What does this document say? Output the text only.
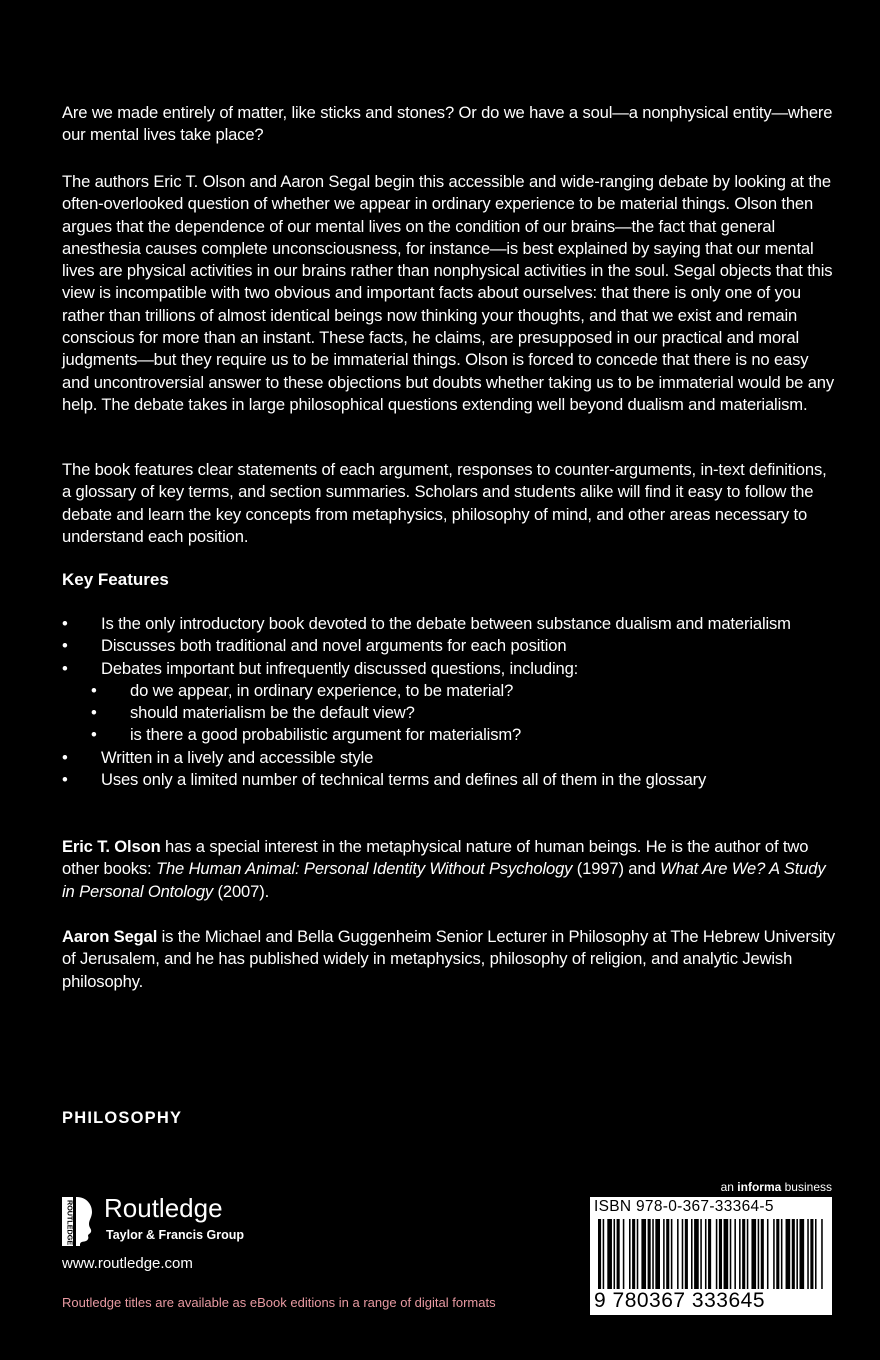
Are we made entirely of matter, like sticks and stones? Or do we have a soul—a nonphysical entity—where our mental lives take place?

The authors Eric T. Olson and Aaron Segal begin this accessible and wide-ranging debate by looking at the often-overlooked question of whether we appear in ordinary experience to be material things. Olson then argues that the dependence of our mental lives on the condition of our brains—the fact that general anesthesia causes complete unconsciousness, for instance—is best explained by saying that our mental lives are physical activities in our brains rather than nonphysical activities in the soul. Segal objects that this view is incompatible with two obvious and important facts about ourselves: that there is only one of you rather than trillions of almost identical beings now thinking your thoughts, and that we exist and remain conscious for more than an instant. These facts, he claims, are presupposed in our practical and moral judgments—but they require us to be immaterial things. Olson is forced to concede that there is no easy and uncontroversial answer to these objections but doubts whether taking us to be immaterial would be any help. The debate takes in large philosophical questions extending well beyond dualism and materialism.

The book features clear statements of each argument, responses to counter-arguments, in-text definitions, a glossary of key terms, and section summaries. Scholars and students alike will find it easy to follow the debate and learn the key concepts from metaphysics, philosophy of mind, and other areas necessary to understand each position.

Key Features
• Is the only introductory book devoted to the debate between substance dualism and materialism
• Discusses both traditional and novel arguments for each position
• Debates important but infrequently discussed questions, including:
• do we appear, in ordinary experience, to be material?
• should materialism be the default view?
• is there a good probabilistic argument for materialism?
• Written in a lively and accessible style
• Uses only a limited number of technical terms and defines all of them in the glossary

Eric T. Olson has a special interest in the metaphysical nature of human beings. He is the author of two other books: The Human Animal: Personal Identity Without Psychology (1997) and What Are We? A Study in Personal Ontology (2007).

Aaron Segal is the Michael and Bella Guggenheim Senior Lecturer in Philosophy at The Hebrew University of Jerusalem, and he has published widely in metaphysics, philosophy of religion, and analytic Jewish philosophy.

PHILOSOPHY
ROUTLEDGE Routledge
Taylor & Francis Group
www.routledge.com
Routledge titles are available as eBook editions in a range of digital formats
an informa business
ISBN 978-0-367-33364-5
9 780367 333645
